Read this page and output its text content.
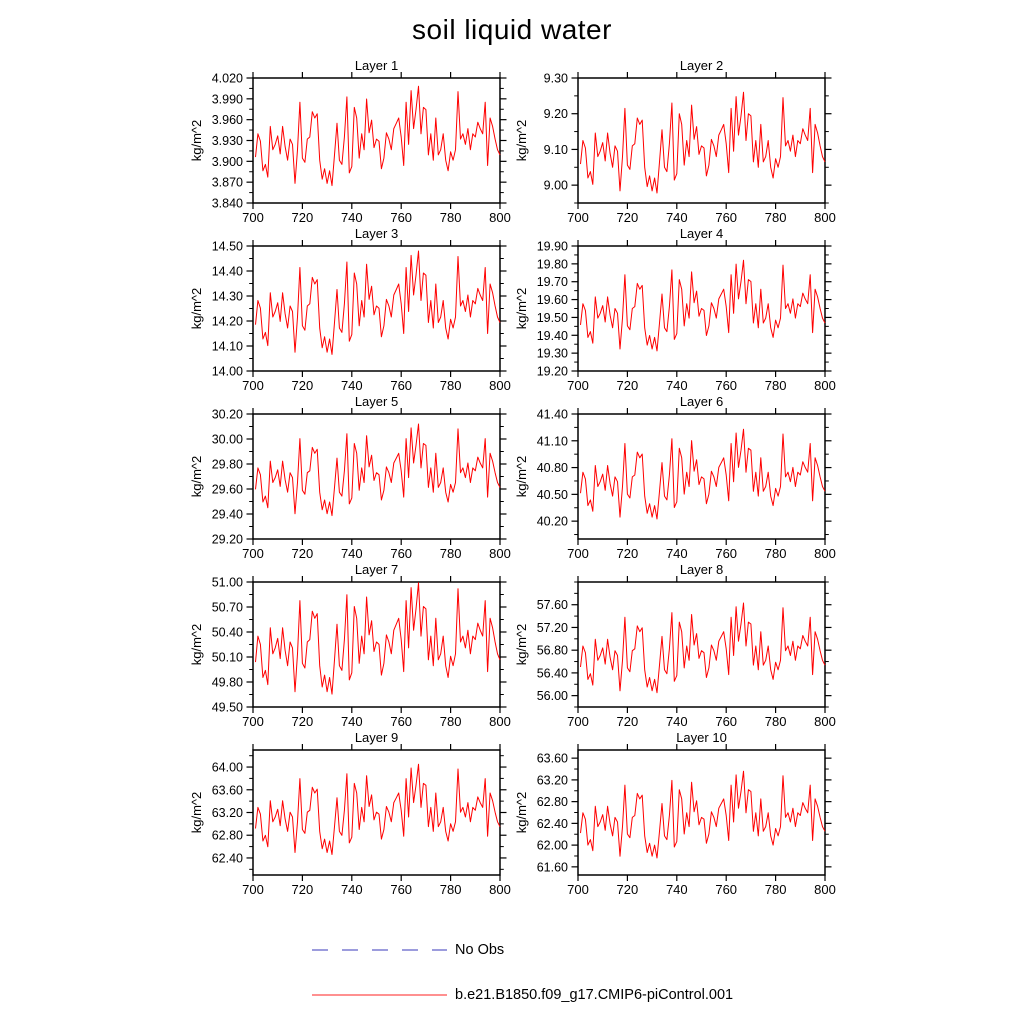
soil liquid water
700 720 740 760 780 800
3.840
3.870
3.900
3.930
3.960
3.990
4.020
Layer 1
kg/m^2
700 720 740 760 780 800
9.00
9.10
9.20
9.30
Layer 2
kg/m^2
700 720 740 760 780 800
14.00
14.10
14.20
14.30
14.40
14.50
Layer 3
kg/m^2
700 720 740 760 780 800
19.20
19.30
19.40
19.50
19.60
19.70
19.80
19.90
Layer 4
kg/m^2
700 720 740 760 780 800
29.20
29.40
29.60
29.80
30.00
30.20
Layer 5
kg/m^2
700 720 740 760 780 800
40.20
40.50
40.80
41.10
41.40
Layer 6
kg/m^2
700 720 740 760 780 800
49.50
49.80
50.10
50.40
50.70
51.00
Layer 7
kg/m^2
700 720 740 760 780 800
56.00
56.40
56.80
57.20
57.60
Layer 8
kg/m^2
700 720 740 760 780 800
62.40
62.80
63.20
63.60
64.00
Layer 9
kg/m^2
700 720 740 760 780 800
61.60
62.00
62.40
62.80
63.20
63.60
Layer 10
kg/m^2
No Obs
b.e21.B1850.f09_g17.CMIP6-piControl.001
